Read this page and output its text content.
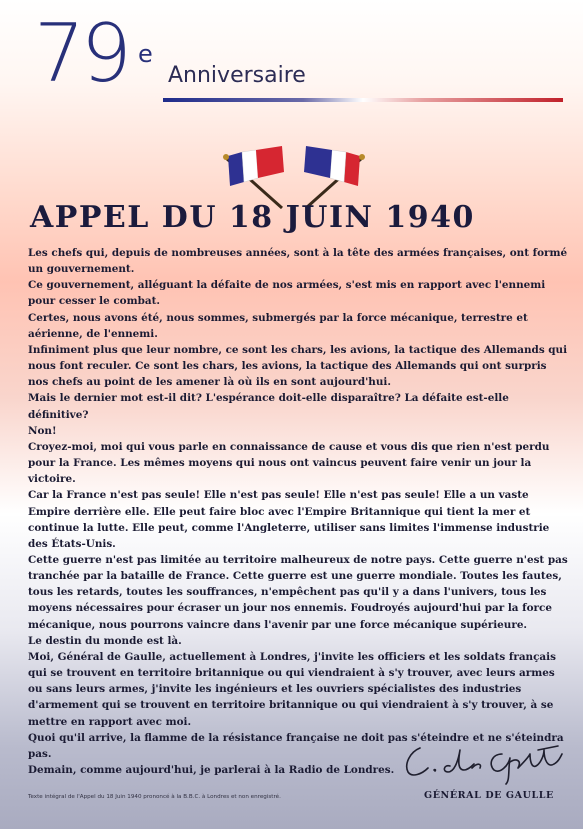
79 e
Anniversaire
APPEL DU 18 JUIN 1940

Les chefs qui, depuis de nombreuses années, sont à la tête des armées françaises, ont formé un gouvernement.

Ce gouvernement, alléguant la défaite de nos armées, s'est mis en rapport avec l'ennemi pour cesser le combat.

Certes, nous avons été, nous sommes, submergés par la force mécanique, terrestre et aérienne, de l'ennemi.

Infiniment plus que leur nombre, ce sont les chars, les avions, la tactique des Allemands qui nous font reculer. Ce sont les chars, les avions, la tactique des Allemands qui ont surpris nos chefs au point de les amener là où ils en sont aujourd'hui.

Mais le dernier mot est-il dit? L'espérance doit-elle disparaître? La défaite est-elle définitive?

Non!

Croyez-moi, moi qui vous parle en connaissance de cause et vous dis que rien n'est perdu pour la France. Les mêmes moyens qui nous ont vaincus peuvent faire venir un jour la victoire.

Car la France n'est pas seule! Elle n'est pas seule! Elle n'est pas seule! Elle a un vaste Empire derrière elle. Elle peut faire bloc avec l'Empire Britannique qui tient la mer et continue la lutte. Elle peut, comme l'Angleterre, utiliser sans limites l'immense industrie des États-Unis.

Cette guerre n'est pas limitée au territoire malheureux de notre pays. Cette guerre n'est pas tranchée par la bataille de France. Cette guerre est une guerre mondiale. Toutes les fautes, tous les retards, toutes les souffrances, n'empêchent pas qu'il y a dans l'univers, tous les moyens nécessaires pour écraser un jour nos ennemis. Foudroyés aujourd'hui par la force mécanique, nous pourrons vaincre dans l'avenir par une force mécanique supérieure.

Le destin du monde est là.

Moi, Général de Gaulle, actuellement à Londres, j'invite les officiers et les soldats français qui se trouvent en territoire britannique ou qui viendraient à s'y trouver, avec leurs armes ou sans leurs armes, j'invite les ingénieurs et les ouvriers spécialistes des industries d'armement qui se trouvent en territoire britannique ou qui viendraient à s'y trouver, à se mettre en rapport avec moi.

Quoi qu'il arrive, la flamme de la résistance française ne doit pas s'éteindre et ne s'éteindra pas.

Demain, comme aujourd'hui, je parlerai à la Radio de Londres.

Texte intégral de l'Appel du 18 Juin 1940 prononcé à la B.B.C. à Londres et non enregistré.	GÉNÉRAL DE GAULLE
